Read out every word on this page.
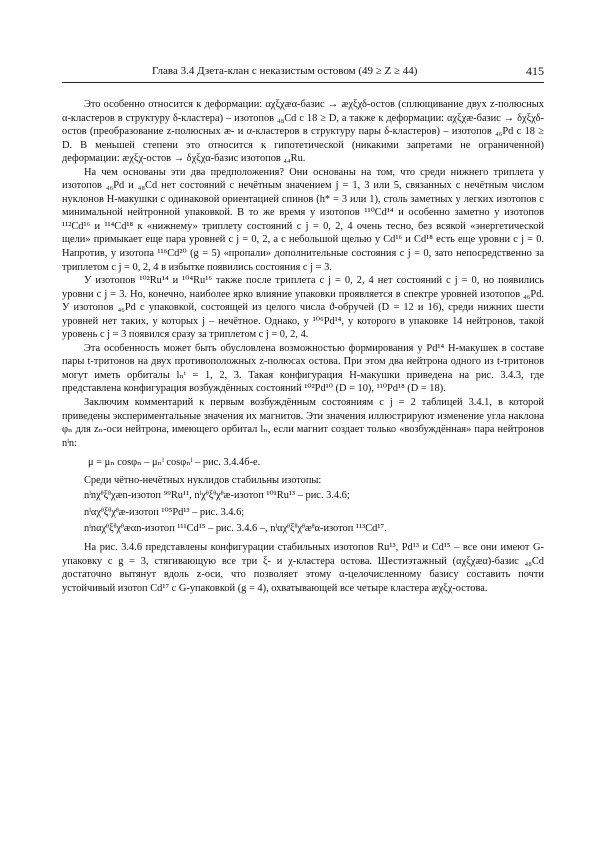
Глава 3.4 Дзета-клан с неказистым остовом (49 ≥ Z ≥ 44)	415

Это особенно относится к деформации: αχξχæα-базис → æχξχδ-остов (сплющивание двух z-полюсных α-кластеров в структуру δ-кластера) – изотопов ₄₈Cd с 18 ≥ D, а также к деформации: αχξχæ-базис → δχξχδ-остов (преобразование z-полюсных æ- и α-кластеров в структуру пары δ-кластеров) – изотопов ₄₆Pd с 18 ≥ D. В меньшей степени это относится к гипотетической (никакими запретами не ограниченной) деформации: æχξχ-остов → δχξχα-базис изотопов ₄₄Ru.

На чем основаны эти два предположения? Они основаны на том, что среди нижнего триплета у изотопов ₄₆Pd и ₄₈Cd нет состояний с нечётным значением j = 1, 3 или 5, связанных с нечётным числом нуклонов H-макушки с одинаковой ориентацией спинов (h* = 3 или 1), столь заметных у легких изотопов с минимальной нейтронной упаковкой. В то же время у изотопов ¹¹⁰Cd¹⁴ и особенно заметно у изотопов ¹¹²Cd¹⁶ и ¹¹⁴Cd¹⁸ к «нижнему» триплету состояний с j = 0, 2, 4 очень тесно, без всякой «энергетической щели» примыкает еще пара уровней с j = 0, 2, а с небольшой щелью у Cd¹⁶ и Cd¹⁸ есть еще уровни с j = 0. Напротив, у изотопа ¹¹⁶Cd²⁰ (g = 5) «пропали» дополнительные состояния с j = 0, зато непосредственно за триплетом с j = 0, 2, 4 в избытке появились состояния с j = 3.

У изотопов ¹⁰²Ru¹⁴ и ¹⁰⁴Ru¹⁶ также после триплета с j = 0, 2, 4 нет состояний с j = 0, но появились уровни с j = 3. Но, конечно, наиболее ярко влияние упаковки проявляется в спектре уровней изотопов ₄₆Pd. У изотопов ₄₆Pd с упаковкой, состоящей из целого числа ϑ-обручей (D = 12 и 16), среди нижних шести уровней нет таких, у которых j – нечётное. Однако, у ¹⁰⁶Pd¹⁴, у которого в упаковке 14 нейтронов, такой уровень с j = 3 появился сразу за триплетом с j = 0, 2, 4.

Эта особенность может быть обусловлена возможностью формирования у Pd¹⁴ H-макушек в составе пары t-тритонов на двух противоположных z-полюсах остова. При этом два нейтрона одного из t-тритонов могут иметь орбиталы lₙᵗ = 1, 2, 3. Такая конфигурация H-макушки приведена на рис. 3.4.3, где представлена конфигурация возбуждённых состояний ¹⁰²Pd¹⁰ (D = 10), ¹¹⁰Pd¹⁸ (D = 18).

Заключим комментарий к первым возбуждённым состояниям с j = 2 таблицей 3.4.1, в которой приведены экспериментальные значения их магнитов. Эти значения иллюстрируют изменение угла наклона φₙ для zₙ-оси нейтрона, имеющего орбитал lₙ, если магнит создает только «возбуждённая» пара нейтронов nˡn:

μ = μₙ cosφₙ – μₙˡ cosφₙˡ – рис. 3.4.4б-е.

Среди чётно-нечётных нуклидов стабильны изотопы:

nˡnχᶿξᶿχæn-изотоп ⁹⁹Ru¹¹, nˡχᶿξᶿχᶿæ-изотоп ¹⁰¹Ru¹³ – рис. 3.4.6;

nˡαχᶿξᶿχᶿæ-изотоп ¹⁰⁵Pd¹³ – рис. 3.4.6;

nˡnαχᶿξᶿχᶿæαn-изотоп ¹¹¹Cd¹⁵ – рис. 3.4.6 –, nˡαχᶿξᶿχᶿæᶿα-изотоп ¹¹³Cd¹⁷.

На рис. 3.4.6 представлены конфигурации стабильных изотопов Ru¹³, Pd¹³ и Cd¹⁵ – все они имеют G-упаковку с g = 3, стягивающую все три ξ- и χ-кластера остова. Шестиэтажный (αχξχæα)-базис ₄₈Cd достаточно вытянут вдоль z-оси, что позволяет этому α-целочисленному базису составить почти устойчивый изотоп Cd¹⁷ с G-упаковкой (g = 4), охватывающей все четыре кластера æχξχ-остова.
